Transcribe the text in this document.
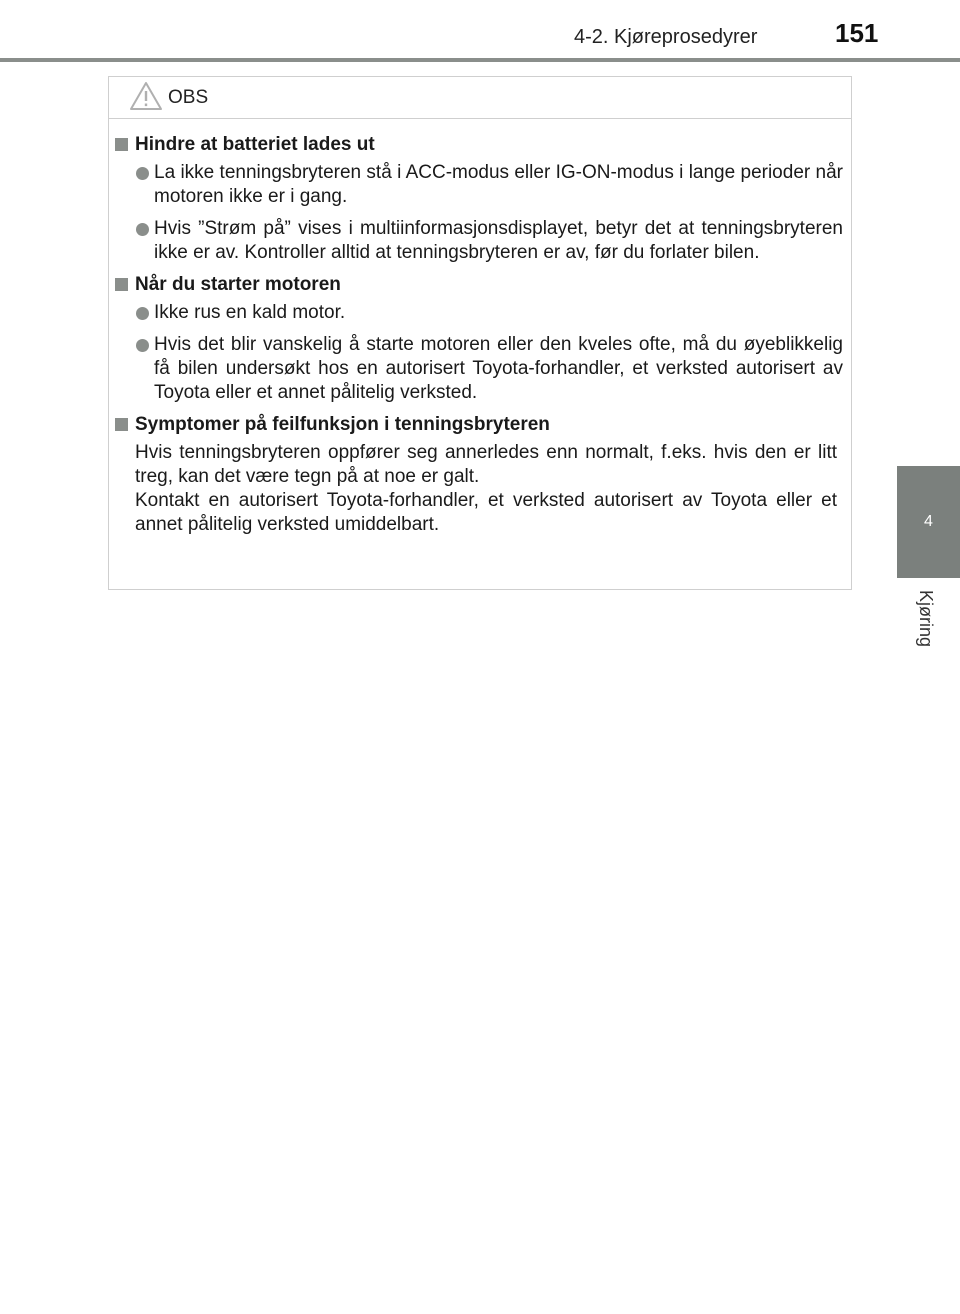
4-2. Kjøreprosedyrer	151
4
Kjøring
OBS
Hindre at batteriet lades ut
La ikke tenningsbryteren stå i ACC-modus eller IG-ON-modus i lange perioder når motoren ikke er i gang.
Hvis ”Strøm på” vises i multiinformasjonsdisplayet, betyr det at tenningsbryteren ikke er av. Kontroller alltid at tenningsbryteren er av, før du forlater bilen.
Når du starter motoren
Ikke rus en kald motor.
Hvis det blir vanskelig å starte motoren eller den kveles ofte, må du øyeblikkelig få bilen undersøkt hos en autorisert Toyota-forhandler, et verksted autorisert av Toyota eller et annet pålitelig verksted.
Symptomer på feilfunksjon i tenningsbryteren
Hvis tenningsbryteren oppfører seg annerledes enn normalt, f.eks. hvis den er litt treg, kan det være tegn på at noe er galt.
Kontakt en autorisert Toyota-forhandler, et verksted autorisert av Toyota eller et annet pålitelig verksted umiddelbart.
